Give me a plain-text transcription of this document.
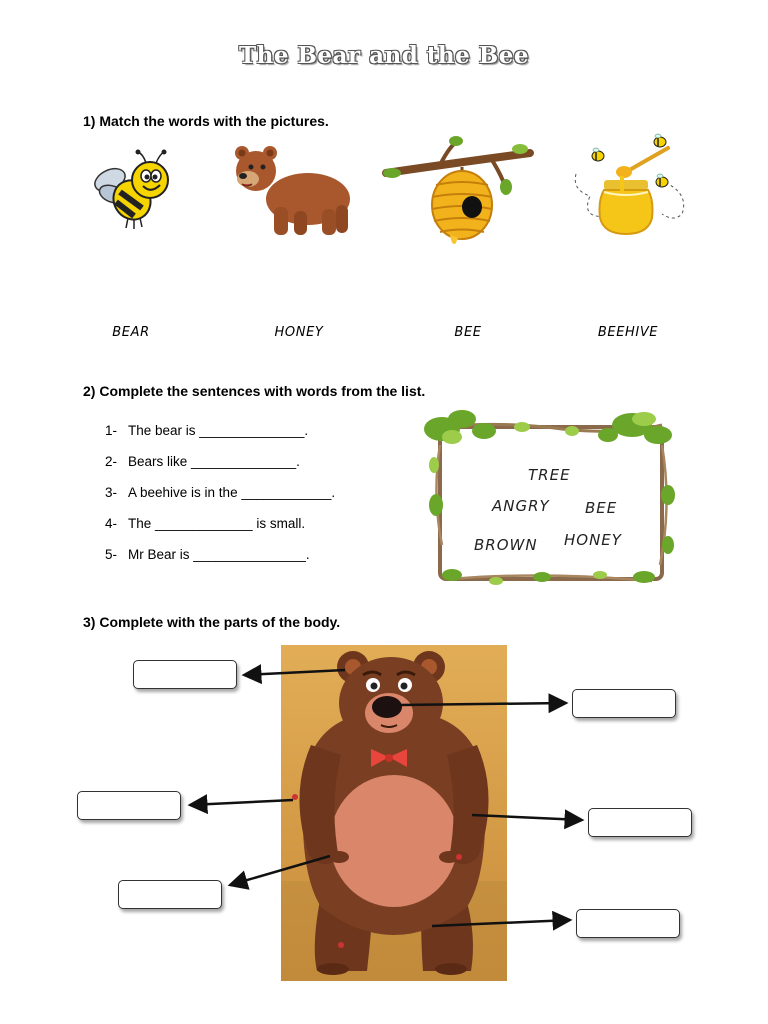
The Bear and the Bee
1) Match the words with the pictures.
BEAR	HONEY	BEE	BEEHIVE
2) Complete the sentences with words from the list.
1- The bear is ______________.
2- Bears like ______________.
3- A beehive is in the ____________.
4- The _____________ is small.
5- Mr Bear is _______________.
TREE
ANGRY BEE
BROWN HONEY
3) Complete with the parts of the body.
